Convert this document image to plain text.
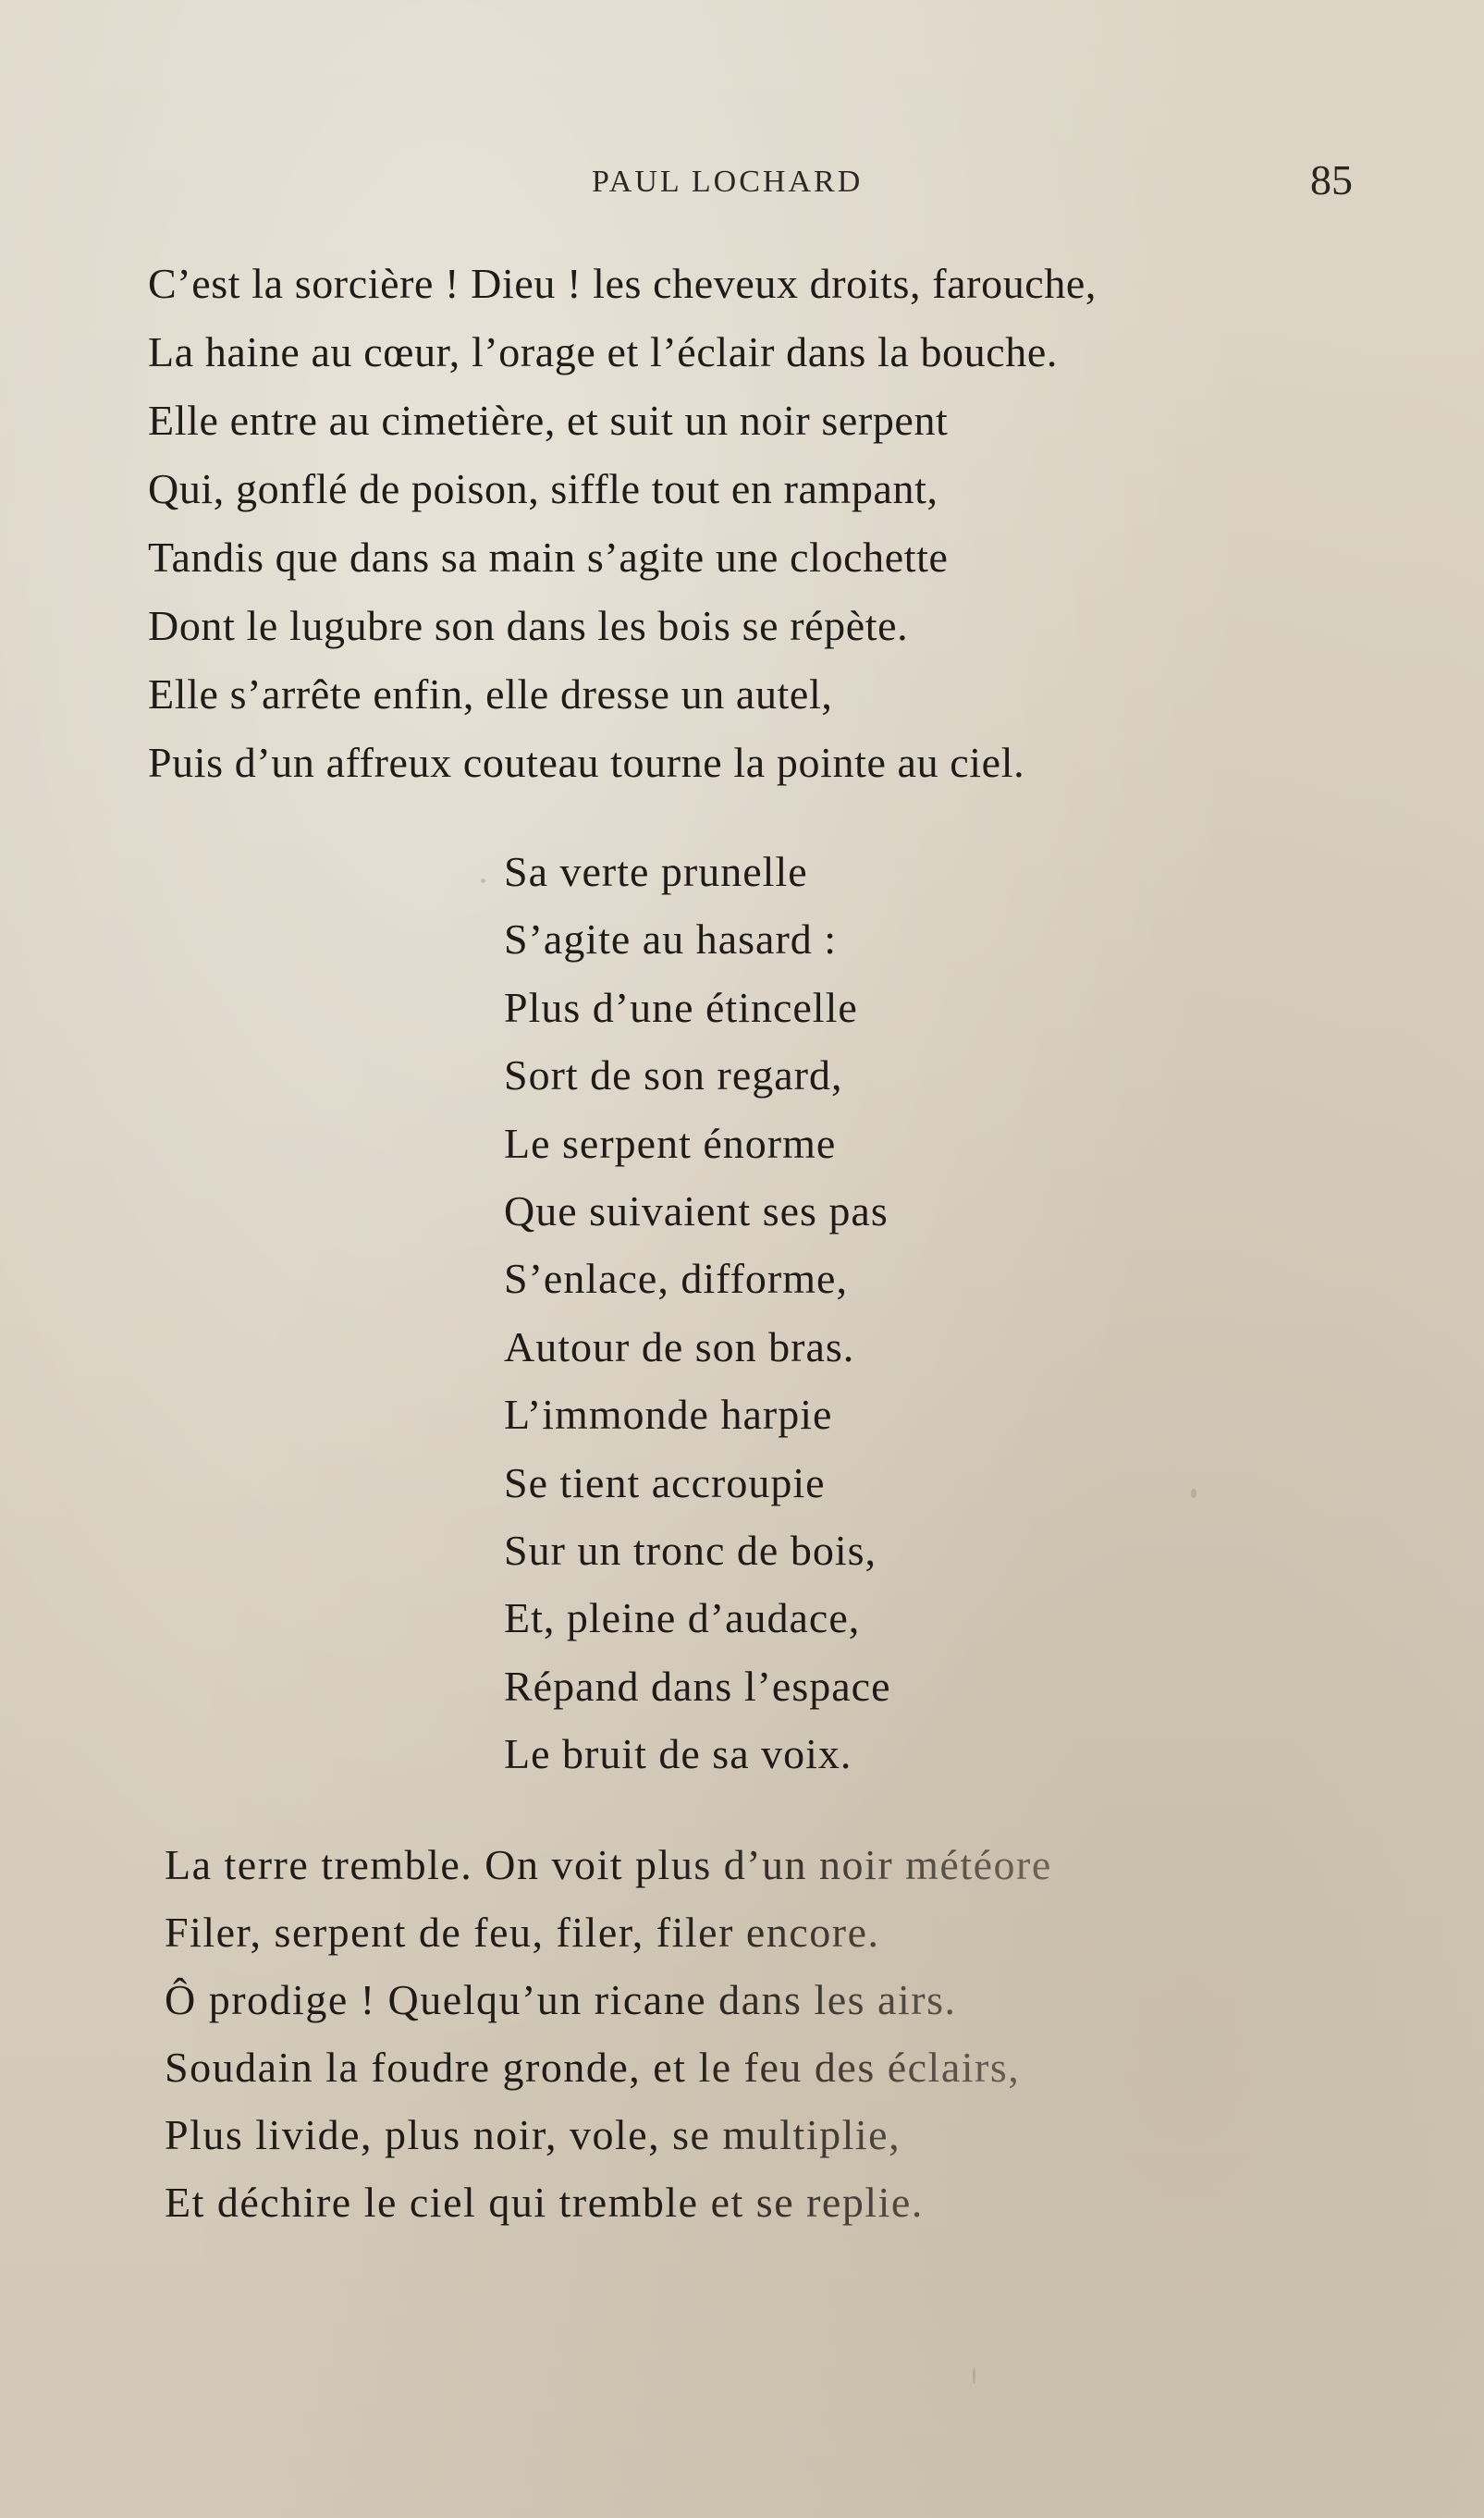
PAUL LOCHARD	85
C’est la sorcière ! Dieu ! les cheveux droits, farouche,
La haine au cœur, l’orage et l’éclair dans la bouche.
Elle entre au cimetière, et suit un noir serpent
Qui, gonflé de poison, siffle tout en rampant,
Tandis que dans sa main s’agite une clochette
Dont le lugubre son dans les bois se répète.
Elle s’arrête enfin, elle dresse un autel,
Puis d’un affreux couteau tourne la pointe au ciel.
Sa verte prunelle
S’agite au hasard :
Plus d’une étincelle
Sort de son regard,
Le serpent énorme
Que suivaient ses pas
S’enlace, difforme,
Autour de son bras.
L’immonde harpie
Se tient accroupie
Sur un tronc de bois,
Et, pleine d’audace,
Répand dans l’espace
Le bruit de sa voix.
La terre tremble. On voit plus d’un noir météore
Filer, serpent de feu, filer, filer encore.
Ô prodige ! Quelqu’un ricane dans les airs.
Soudain la foudre gronde, et le feu des éclairs,
Plus livide, plus noir, vole, se multiplie,
Et déchire le ciel qui tremble et se replie.
